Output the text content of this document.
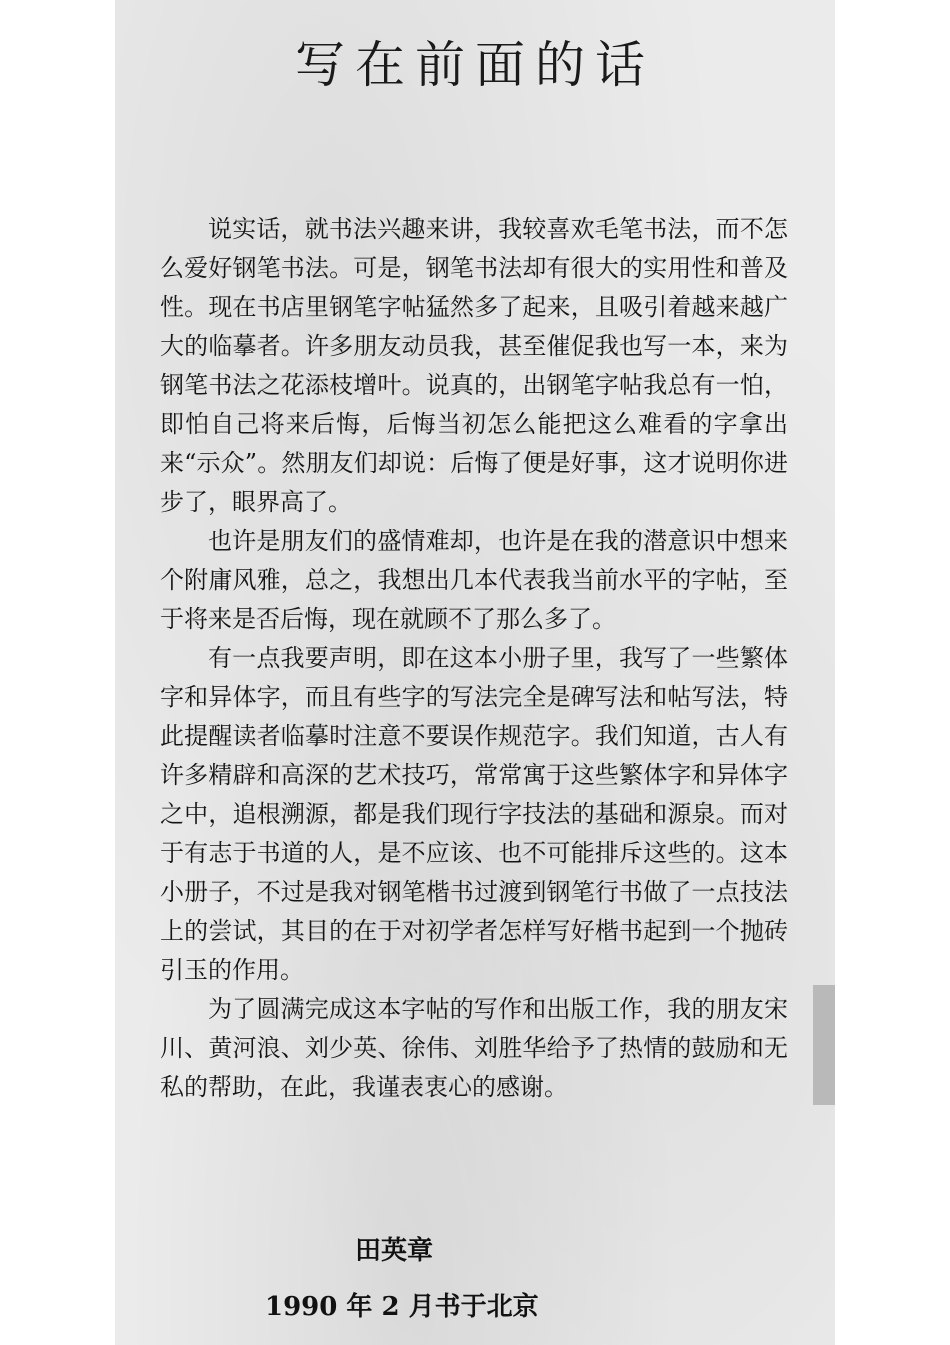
写在前面的话

说实话，就书法兴趣来讲，我较喜欢毛笔书法，而不怎么爱好钢笔书法。可是，钢笔书法却有很大的实用性和普及性。现在书店里钢笔字帖猛然多了起来，且吸引着越来越广大的临摹者。许多朋友动员我，甚至催促我也写一本，来为钢笔书法之花添枝增叶。说真的，出钢笔字帖我总有一怕，即怕自己将来后悔，后悔当初怎么能把这么难看的字拿出来“示众”。然朋友们却说：后悔了便是好事，这才说明你进步了，眼界高了。

也许是朋友们的盛情难却，也许是在我的潜意识中想来个附庸风雅，总之，我想出几本代表我当前水平的字帖，至于将来是否后悔，现在就顾不了那么多了。

有一点我要声明，即在这本小册子里，我写了一些繁体字和异体字，而且有些字的写法完全是碑写法和帖写法，特此提醒读者临摹时注意不要误作规范字。我们知道，古人有许多精辟和高深的艺术技巧，常常寓于这些繁体字和异体字之中，追根溯源，都是我们现行字技法的基础和源泉。而对于有志于书道的人，是不应该、也不可能排斥这些的。这本小册子，不过是我对钢笔楷书过渡到钢笔行书做了一点技法上的尝试，其目的在于对初学者怎样写好楷书起到一个抛砖引玉的作用。

为了圆满完成这本字帖的写作和出版工作，我的朋友宋川、黄河浪、刘少英、徐伟、刘胜华给予了热情的鼓励和无私的帮助，在此，我谨表衷心的感谢。

田英章
1990 年 2 月书于北京
